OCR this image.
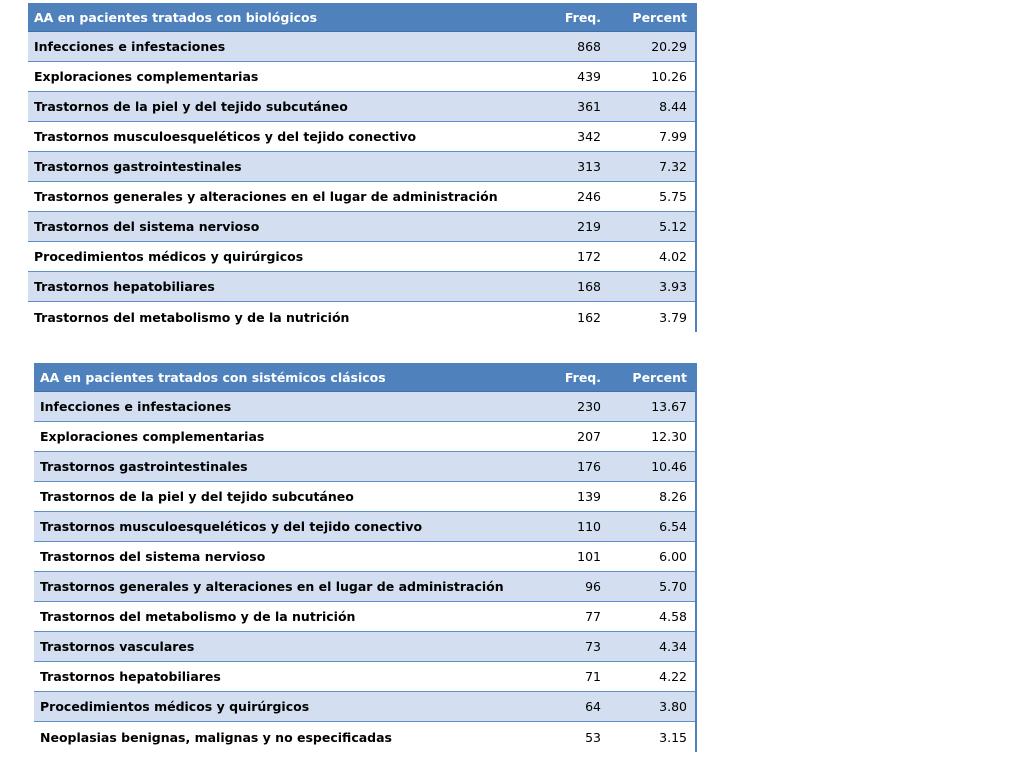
AA en pacientes tratados con biológicos	Freq.	Percent
Infecciones e infestaciones	868	20.29
Exploraciones complementarias	439	10.26
Trastornos de la piel y del tejido subcutáneo	361	8.44
Trastornos musculoesqueléticos y del tejido conectivo	342	7.99
Trastornos gastrointestinales	313	7.32
Trastornos generales y alteraciones en el lugar de administración	246	5.75
Trastornos del sistema nervioso	219	5.12
Procedimientos médicos y quirúrgicos	172	4.02
Trastornos hepatobiliares	168	3.93
Trastornos del metabolismo y de la nutrición	162	3.79
AA en pacientes tratados con sistémicos clásicos	Freq.	Percent
Infecciones e infestaciones	230	13.67
Exploraciones complementarias	207	12.30
Trastornos gastrointestinales	176	10.46
Trastornos de la piel y del tejido subcutáneo	139	8.26
Trastornos musculoesqueléticos y del tejido conectivo	110	6.54
Trastornos del sistema nervioso	101	6.00
Trastornos generales y alteraciones en el lugar de administración	96	5.70
Trastornos del metabolismo y de la nutrición	77	4.58
Trastornos vasculares	73	4.34
Trastornos hepatobiliares	71	4.22
Procedimientos médicos y quirúrgicos	64	3.80
Neoplasias benignas, malignas y no especificadas	53	3.15
